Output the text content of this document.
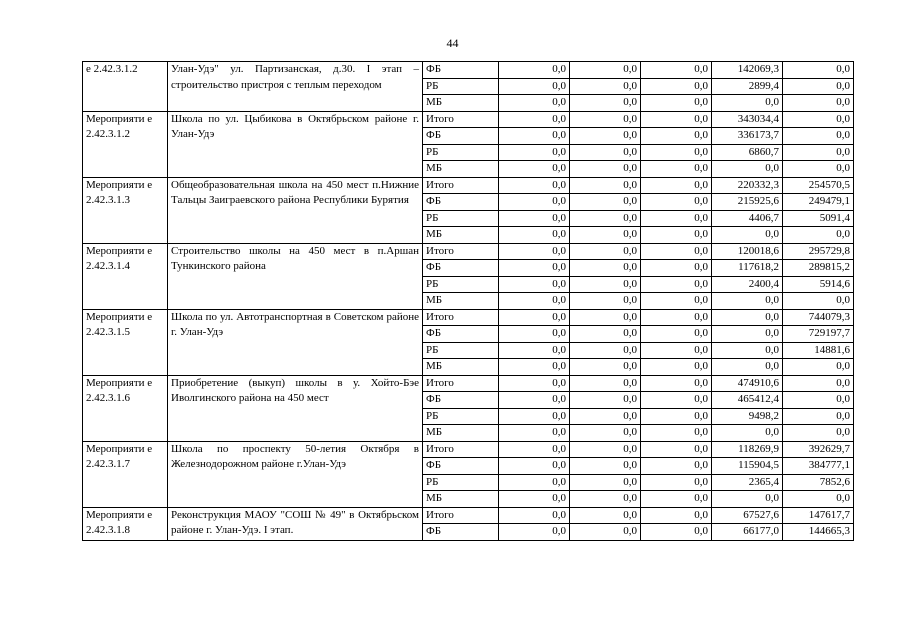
44
е 2.42.3.1.2	Улан-Удэ" ул. Партизанская, д.30. I этап – строительство пристроя с теплым переходом	ФБ	0,0	0,0	0,0	142069,3	0,0
		РБ	0,0	0,0	0,0	2899,4	0,0
		МБ	0,0	0,0	0,0	0,0	0,0
Мероприяти е 2.42.3.1.2	Школа по ул. Цыбикова в Октябрьском районе г. Улан-Удэ	Итого	0,0	0,0	0,0	343034,4	0,0
		ФБ	0,0	0,0	0,0	336173,7	0,0
		РБ	0,0	0,0	0,0	6860,7	0,0
		МБ	0,0	0,0	0,0	0,0	0,0
Мероприяти е 2.42.3.1.3	Общеобразовательная школа на 450 мест п.Нижние Тальцы Заиграевского района Республики Бурятия	Итого	0,0	0,0	0,0	220332,3	254570,5
		ФБ	0,0	0,0	0,0	215925,6	249479,1
		РБ	0,0	0,0	0,0	4406,7	5091,4
		МБ	0,0	0,0	0,0	0,0	0,0
Мероприяти е 2.42.3.1.4	Строительство школы на 450 мест в п.Аршан Тункинского района	Итого	0,0	0,0	0,0	120018,6	295729,8
		ФБ	0,0	0,0	0,0	117618,2	289815,2
		РБ	0,0	0,0	0,0	2400,4	5914,6
		МБ	0,0	0,0	0,0	0,0	0,0
Мероприяти е 2.42.3.1.5	Школа по ул. Автотранспортная в Советском районе г. Улан-Удэ	Итого	0,0	0,0	0,0	0,0	744079,3
		ФБ	0,0	0,0	0,0	0,0	729197,7
		РБ	0,0	0,0	0,0	0,0	14881,6
		МБ	0,0	0,0	0,0	0,0	0,0
Мероприяти е 2.42.3.1.6	Приобретение (выкуп) школы в у. Хойто-Бэе Иволгинского района на 450 мест	Итого	0,0	0,0	0,0	474910,6	0,0
		ФБ	0,0	0,0	0,0	465412,4	0,0
		РБ	0,0	0,0	0,0	9498,2	0,0
		МБ	0,0	0,0	0,0	0,0	0,0
Мероприяти е 2.42.3.1.7	Школа по проспекту 50-летия Октября в Железнодорожном районе г.Улан-Удэ	Итого	0,0	0,0	0,0	118269,9	392629,7
		ФБ	0,0	0,0	0,0	115904,5	384777,1
		РБ	0,0	0,0	0,0	2365,4	7852,6
		МБ	0,0	0,0	0,0	0,0	0,0
Мероприяти е 2.42.3.1.8	Реконструкция МАОУ "СОШ № 49" в Октябрьском районе г. Улан-Удэ. I этап.	Итого	0,0	0,0	0,0	67527,6	147617,7
		ФБ	0,0	0,0	0,0	66177,0	144665,3
